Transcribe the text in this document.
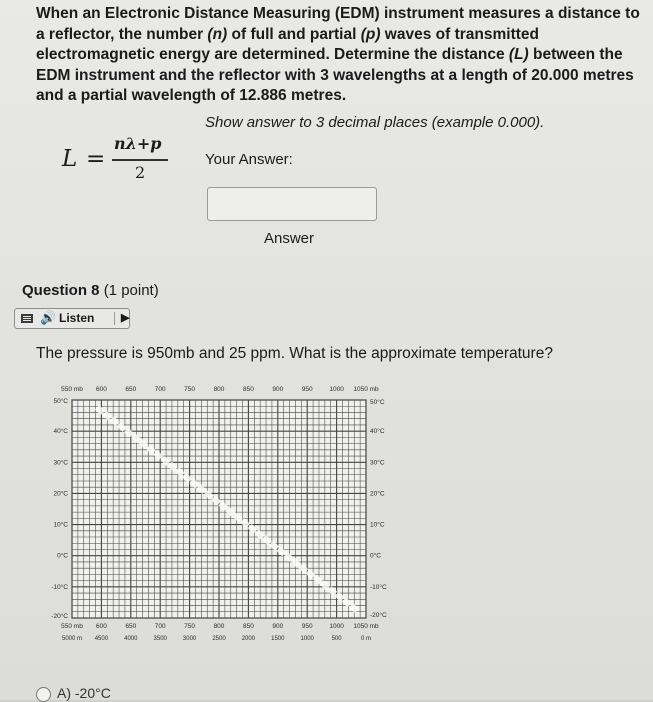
When an Electronic Distance Measuring (EDM) instrument measures a distance to a reflector, the number (n) of full and partial (p) waves of transmitted electromagnetic energy are determined. Determine the distance (L) between the EDM instrument and the reflector with 3 wavelengths at a length of 20.000 metres and a partial wavelength of 12.886 metres.
L =
nλ+p
2
Show answer to 3 decimal places (example 0.000).
Your Answer:
Answer
Question 8 (1 point)
🔊 Listen ▶
The pressure is 950mb and 25 ppm. What is the approximate temperature?
550 mb 600	650	700	750	800	850	900	950	1000 1050 mb
550 mb 600	650	700	750	800	850	900	950	1000 1050 mb
5000 m 4500	4000	3500	3000	2500	2000	1500	1000	500	0 m
50°C
40°C
30°C
20°C
10°C
0°C
-10°C
-20°C
50°C
40°C
30°C
20°C
10°C
0°C
-10°C
-20°C
A) -20°C
